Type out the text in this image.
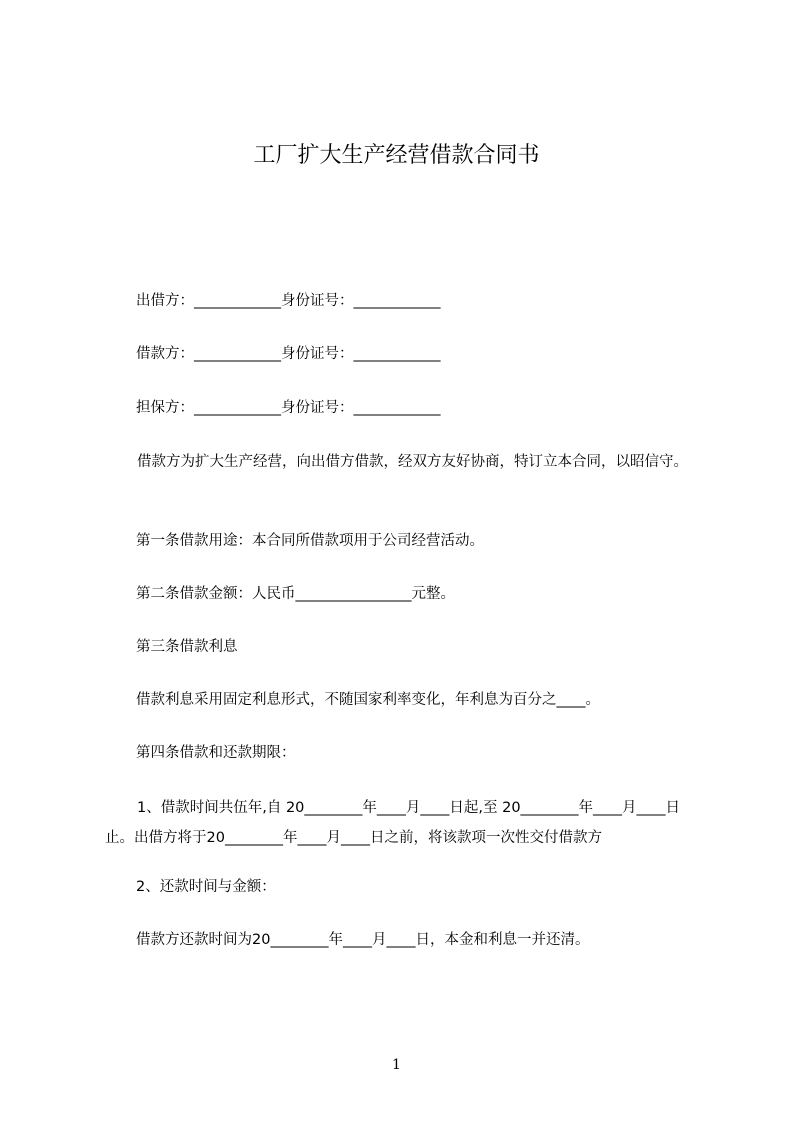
工厂扩大生产经营借款合同书
出借方：____________身份证号：____________
借款方：____________身份证号：____________
担保方：____________身份证号：____________
借款方为扩大生产经营，向出借方借款，经双方友好协商，特订立本合同，以昭信守。
第一条借款用途：本合同所借款项用于公司经营活动。
第二条借款金额：人民币________________元整。
第三条借款利息
借款利息采用固定利息形式，不随国家利率变化，年利息为百分之____。
第四条借款和还款期限：
1、借款时间共伍年,自 20________年____月____日起,至 20________年____月____日止。出借方将于20________年____月____日之前，将该款项一次性交付借款方
2、还款时间与金额：
借款方还款时间为20________年____月____日，本金和利息一并还清。
1
